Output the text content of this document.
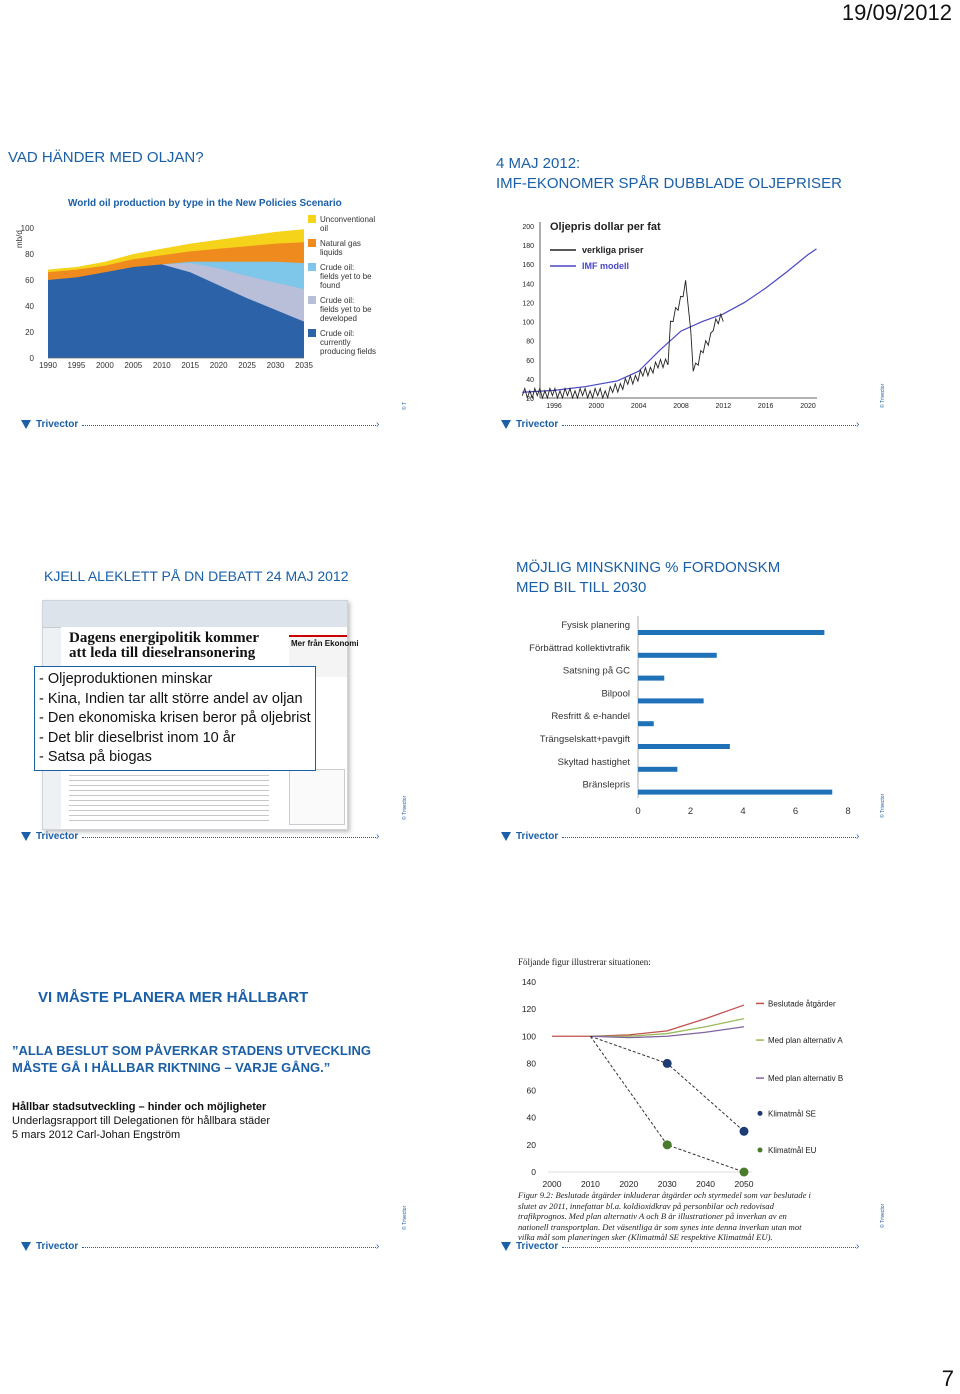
19/09/2012
VAD HÄNDER MED OLJAN?
World oil production by type in the New Policies Scenario
mb/d
0
20
40
60
80
100
1990 1995 2000 2005 2010 2015 2020 2025 2030 2035
Unconventional
oil
Natural gas
liquids
Crude oil:
fields yet to be
found
Crude oil:
fields yet to be
developed
Crude oil:
currently
producing fields
© T
Trivector	›
4 MAJ 2012:
IMF-EKONOMER SPÅR DUBBLADE OLJEPRISER
Oljepris dollar per fat
20
40
60
80
100
120
140
160
180
200
1996	2000	2004	2008	2012	2016	2020
verkliga priser
IMF modell
© Trivector
Trivector	›
KJELL ALEKLETT PÅ DN DEBATT 24 MAJ 2012
Dagens energipolitik kommer
att leda till dieselransonering
Mer från Ekonomi
- Oljeproduktionen minskar
- Kina, Indien tar allt större andel av oljan
- Den ekonomiska krisen beror på oljebrist
- Det blir dieselbrist inom 10 år
- Satsa på biogas
© Trivector
Trivector	›
MÖJLIG MINSKNING % FORDONSKM
MED BIL TILL 2030
Fysisk planering
Förbättrad kollektivtrafik
Satsning på GC
Bilpool
Resfritt & e-handel
Trängselskatt+pavgift
Skyltad hastighet
Bränslepris
0	2	4	6	8	© Trivector
Trivector	›
VI MÅSTE PLANERA MER HÅLLBART
”ALLA BESLUT SOM PÅVERKAR STADENS UTVECKLING
MÅSTE GÅ I HÅLLBAR RIKTNING – VARJE GÅNG.”
Hållbar stadsutveckling – hinder och möjligheter
Underlagsrapport till Delegationen för hållbara städer
5 mars 2012 Carl-Johan Engström
© Trivector
Trivector	›
Följande figur illustrerar situationen:
0
20
40
60
80
100
120
140
2000 2010 2020 2030 2040 2050
Beslutade åtgärder
Med plan alternativ A
Med plan alternativ B
Klimatmål SE
Klimatmål EU
Figur 9.2: Beslutade åtgärder inkluderar åtgärder och styrmedel som var beslutade i
slutet av 2011, innefattar bl.a. koldioxidkrav på personbilar och redovisad
trafikprognos. Med plan alternativ A och B är illustrationer på inverkan av en
nationell transportplan. Det väsentliga är som synes inte denna inverkan utan mot
vilka mål som planeringen sker (Klimatmål SE respektive Klimatmål EU).
© Trivector
Trivector	›
7
